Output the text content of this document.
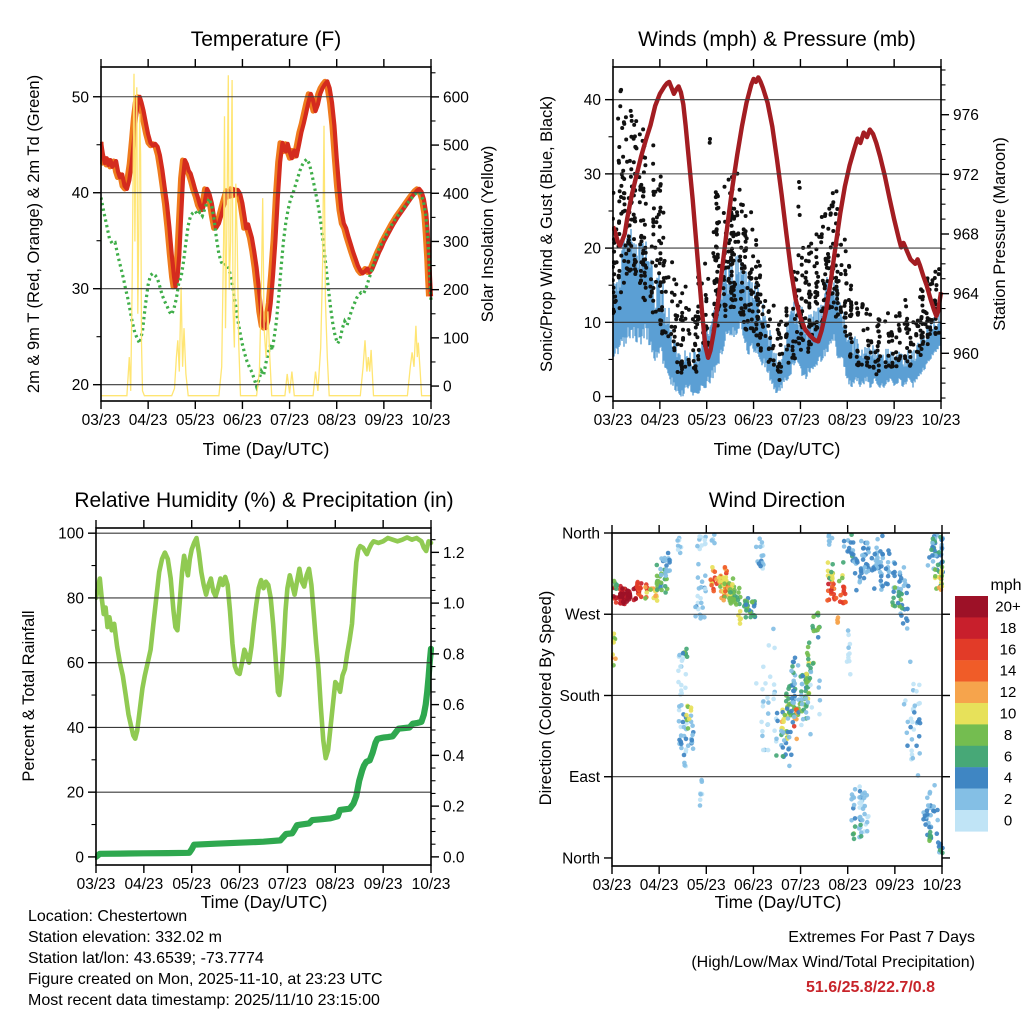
03/23 04/23 05/23 06/23 07/23 08/23 09/23 10/23
20
30
40
50
0
100
200
300
400
500
600
03/23 04/23 05/23 06/23 07/23 08/23 09/23 10/23
0
10
20
30
40
960
964
968
972
976
03/23 04/23 05/23 06/23 07/23 08/23 09/23 10/23
0
20
40
60
80
100
0.0
0.2
0.4
0.6
0.8
1.0
1.2
03/23 04/23 05/23 06/23 07/23 08/23 09/23 10/23
North
West
South
East
North
mph
20+
18
16
14
12
10
8
6
4
2
0
Temperature (F)	Winds (mph) & Pressure (mb)
Relative Humidity (%) & Precipitation (in)	Wind Direction
Time (Day/UTC)	Time (Day/UTC)
Time (Day/UTC)	Time (Day/UTC)
2m & 9m T (Red, Orange) & 2m Td (Green)	Solar Insolation (Yellow) Sonic/Prop Wind & Gust (Blue, Black)	Station Pressure (Maroon)
Percent & Total Rainfall	Direction (Colored By Speed)
Location: Chestertown
Station elevation: 332.02 m
Station lat/lon: 43.6539; -73.7774
Figure created on Mon, 2025-11-10, at 23:23 UTC
Most recent data timestamp: 2025/11/10 23:15:00
Extremes For Past 7 Days
(High/Low/Max Wind/Total Precipitation)
51.6/25.8/22.7/0.8
